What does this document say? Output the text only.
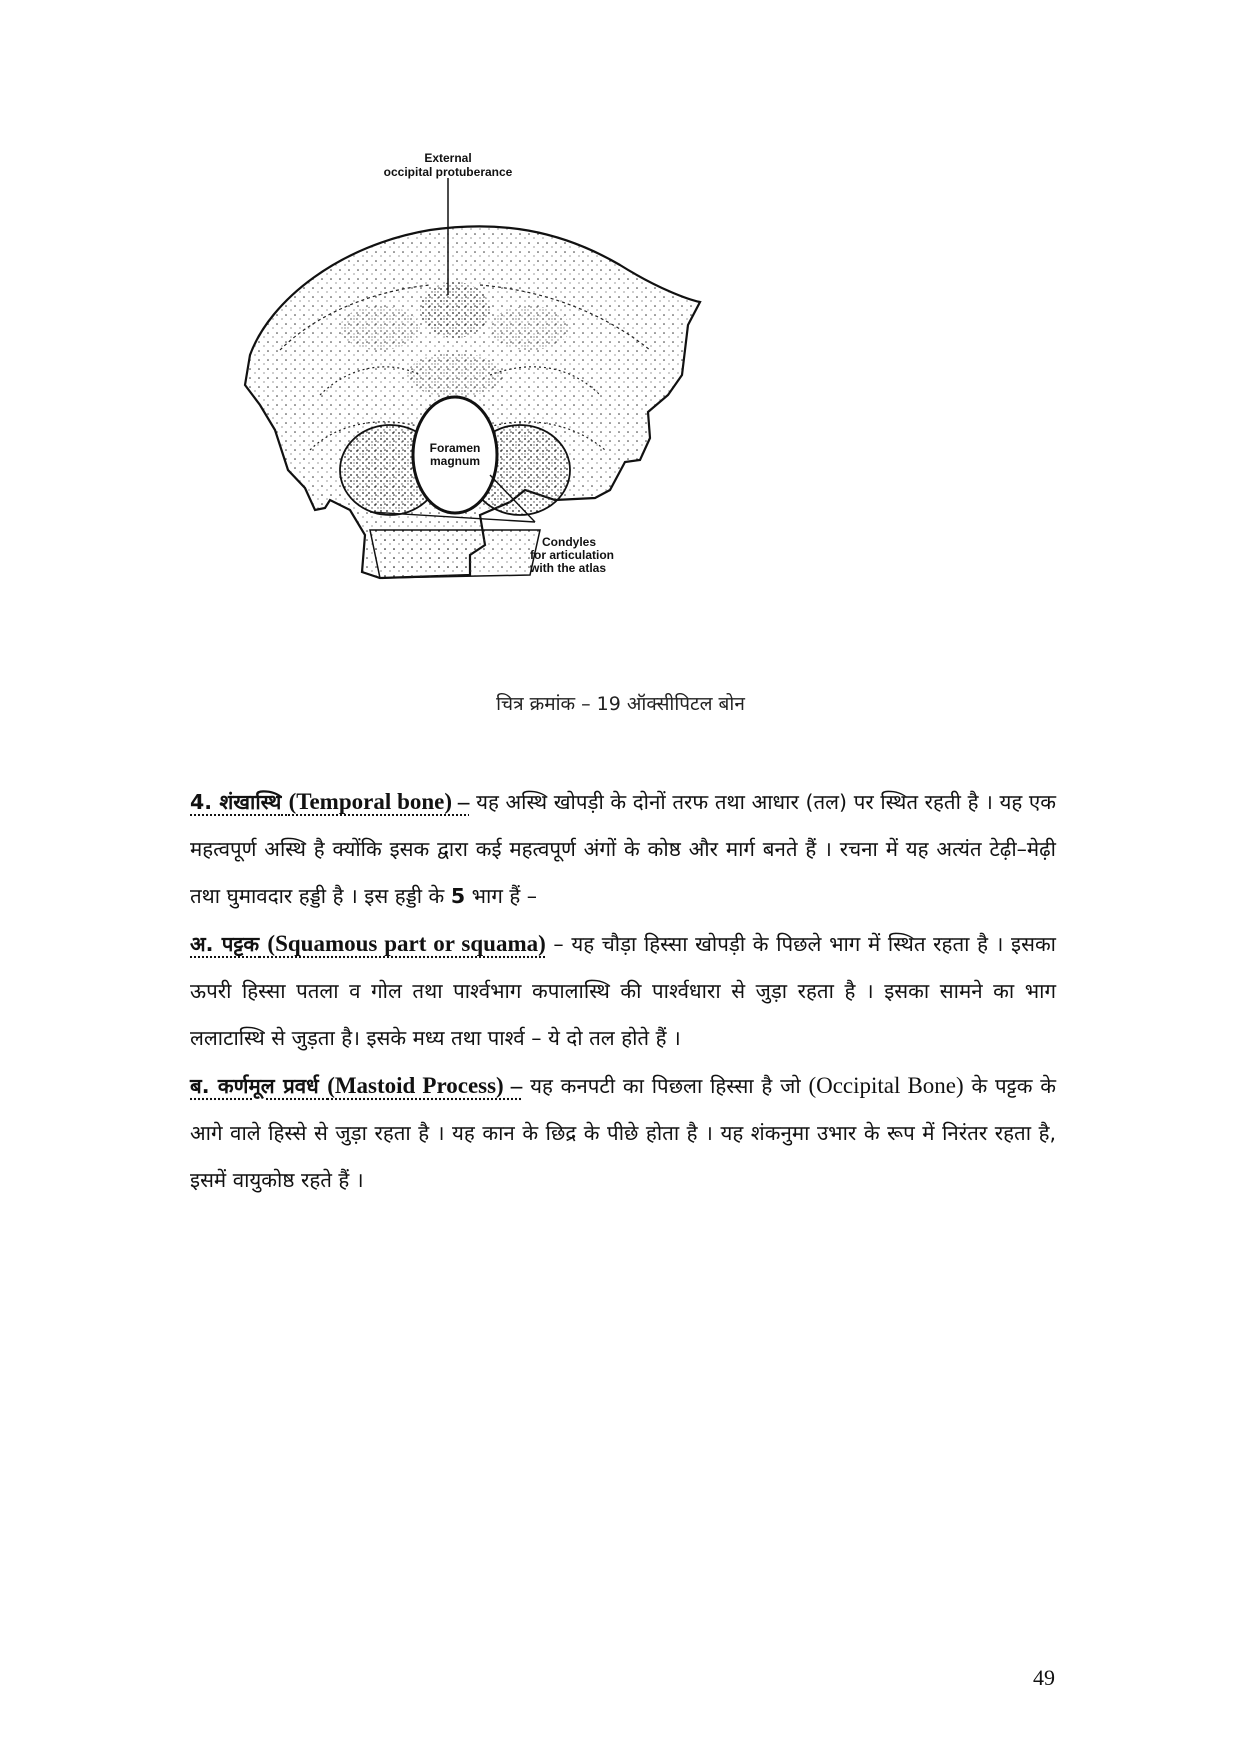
External
occipital protuberance
Foramen
magnum
Condyles
for articulation
with the atlas
चित्र क्रमांक – 19 ऑक्सीपिटल बोन

4. शंखास्थि (Temporal bone) – यह अस्थि खोपड़ी के दोनों तरफ तथा आधार (तल) पर स्थित रहती है । यह एक महत्वपूर्ण अस्थि है क्योंकि इसक द्वारा कई महत्वपूर्ण अंगों के कोष्ठ और मार्ग बनते हैं । रचना में यह अत्यंत टेढ़ी–मेढ़ी तथा घुमावदार हड्डी है । इस हड्डी के 5 भाग हैं –

अ. पट्टक (Squamous part or squama) – यह चौड़ा हिस्सा खोपड़ी के पिछले भाग में स्थित रहता है । इसका ऊपरी हिस्सा पतला व गोल तथा पार्श्वभाग कपालास्थि की पार्श्वधारा से जुड़ा रहता है । इसका सामने का भाग ललाटास्थि से जुड़ता है। इसके मध्य तथा पार्श्व – ये दो तल होते हैं ।

ब. कर्णमूल प्रवर्ध (Mastoid Process) – यह कनपटी का पिछला हिस्सा है जो (Occipital Bone) के पट्टक के आगे वाले हिस्से से जुड़ा रहता है । यह कान के छिद्र के पीछे होता है । यह शंकनुमा उभार के रूप में निरंतर रहता है, इसमें वायुकोष्ठ रहते हैं ।

49
